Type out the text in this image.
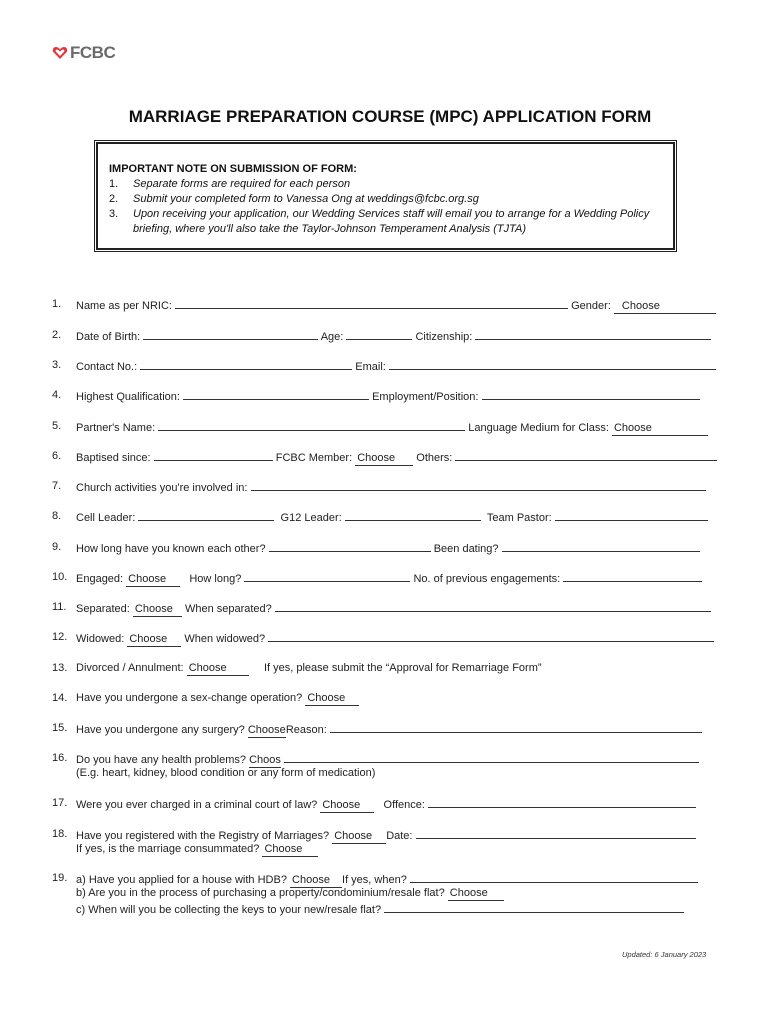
FCBC
MARRIAGE PREPARATION COURSE (MPC) APPLICATION FORM
IMPORTANT NOTE ON SUBMISSION OF FORM:
1.	Separate forms are required for each person
2.	Submit your completed form to Vanessa Ong at weddings@fcbc.org.sg
3.	Upon receiving your application, our Wedding Services staff will email you to arrange for a Wedding Policy briefing, where you'll also take the Taylor-Johnson Temperament Analysis (TJTA)
1. Name as per NRIC:	Gender: Choose
2. Date of Birth:	Age:	Citizenship:
3. Contact No.:	Email:
4. Highest Qualification:	Employment/Position:
5. Partner's Name:	Language Medium for Class: Choose
6. Baptised since:	FCBC Member: Choose Others:
7. Church activities you're involved in:
8. Cell Leader:	G12 Leader:	Team Pastor:
9. How long have you known each other?	Been dating?
10. Engaged: Choose How long?	No. of previous engagements:
11. Separated: Choose When separated?
12. Widowed: Choose When widowed?
13. Divorced / Annulment: Choose	If yes, please submit the “Approval for Remarriage Form”
14. Have you undergone a sex-change operation? Choose
15. Have you undergone any surgery? ChooseReason:
16. Do you have any health problems? Choos
(E.g. heart, kidney, blood condition or any form of medication)
17. Were you ever charged in a criminal court of law? Choose Offence:
18. Have you registered with the Registry of Marriages? Choose Date:
If yes, is the marriage consummated? Choose
19. a) Have you applied for a house with HDB? Choose If yes, when?
b) Are you in the process of purchasing a property/condominium/resale flat? Choose
c) When will you be collecting the keys to your new/resale flat?
Updated: 6 January 2023
